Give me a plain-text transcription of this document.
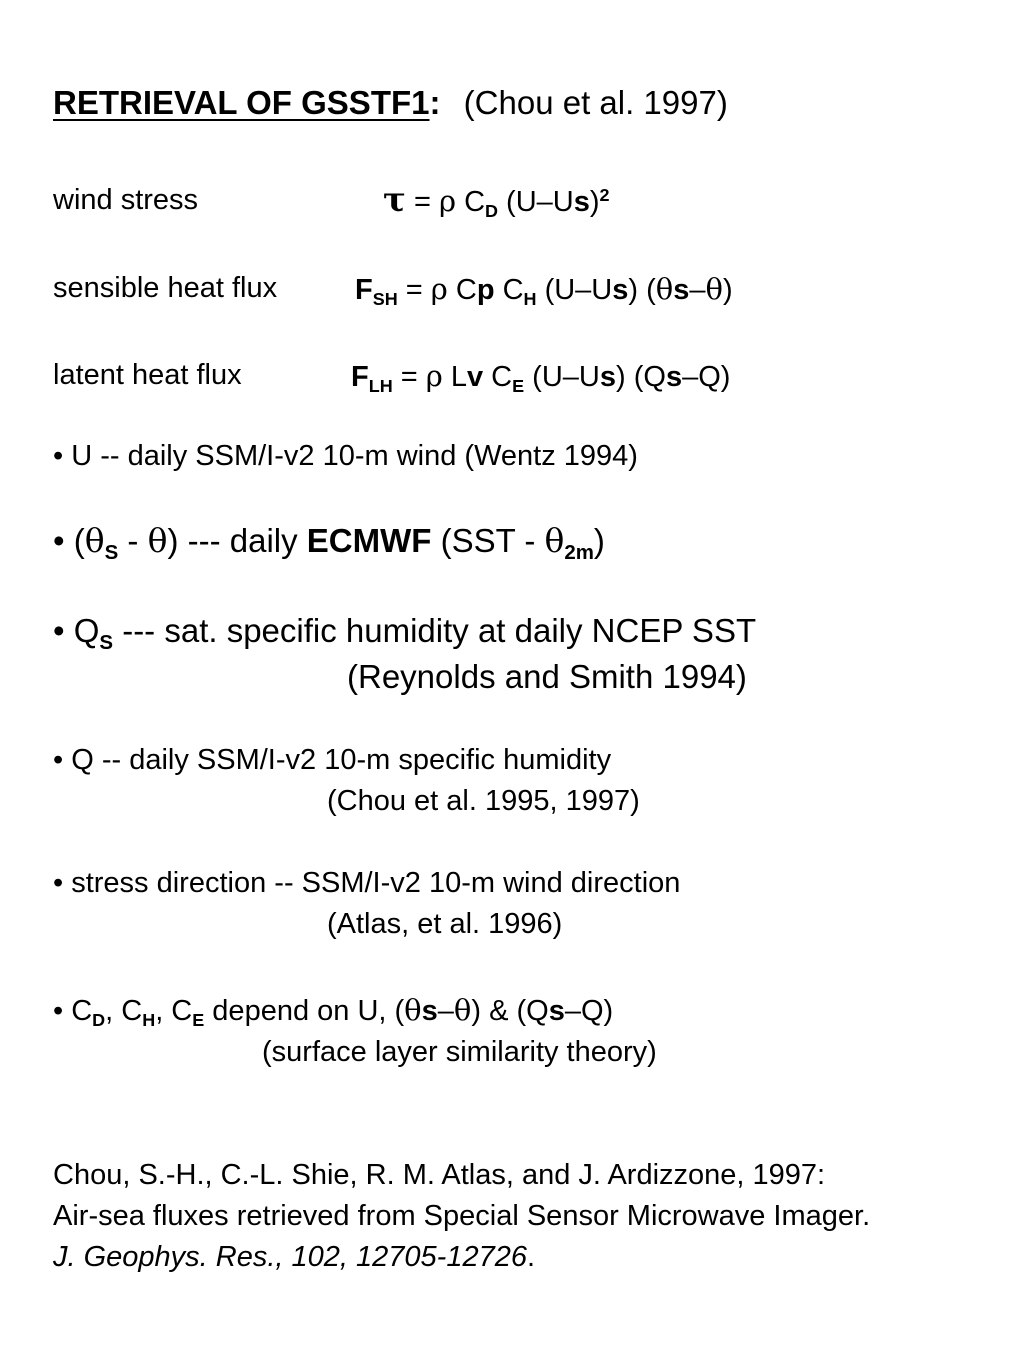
RETRIEVAL OF GSSTF1: (Chou et al. 1997)
wind stress	τ = ρ $C_D$ $(U-Us)^2$
sensible heat flux	$F_{SH} = \rho$ Cp $C_H$ (U–Us) (θs–θ)
latent heat flux	$F_{LH} = \rho$ Lv $C_E$ (U–Us) (Qs–Q)
• U -- daily SSM/I-v2 10-m wind (Wentz 1994)
• $(\theta_S - \theta)$ --- daily ECMWF $(SST - \theta_{2m})$
• $Q_S$ --- sat. specific humidity at daily NCEP SST
(Reynolds and Smith 1994)
• Q -- daily SSM/I-v2 10-m specific humidity
(Chou et al. 1995, 1997)
• stress direction -- SSM/I-v2 10-m wind direction
(Atlas, et al. 1996)
• $C_D$, $C_H$, $C_E$ depend on U, (θs–θ) & (Qs–Q)
(surface layer similarity theory)
Chou, S.-H., C.-L. Shie, R. M. Atlas, and J. Ardizzone, 1997:
Air-sea fluxes retrieved from Special Sensor Microwave Imager.
J. Geophys. Res., 102, 12705-12726.
